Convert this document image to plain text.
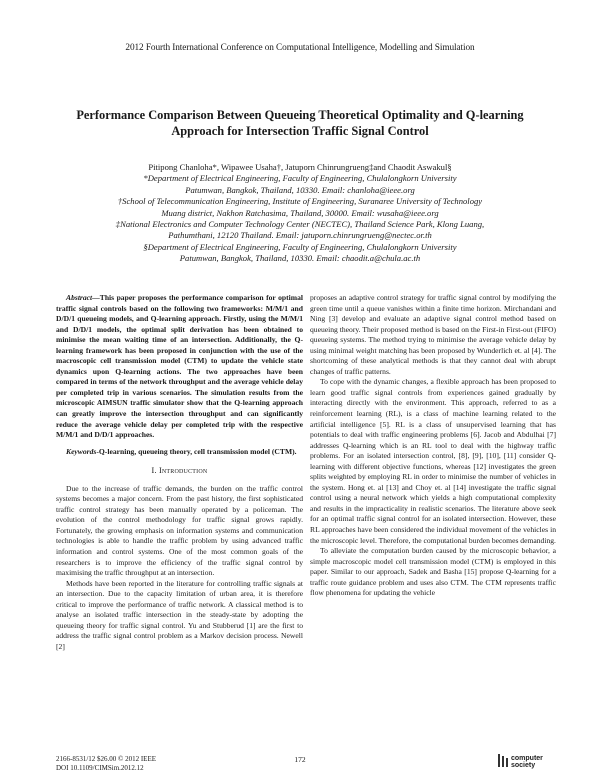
2012 Fourth International Conference on Computational Intelligence, Modelling and Simulation
Performance Comparison Between Queueing Theoretical Optimality and Q-learning
Approach for Intersection Traffic Signal Control
Pitipong Chanloha*, Wipawee Usaha†, Jatuporn Chinrungrueng‡and Chaodit Aswakul§
*Department of Electrical Engineering, Faculty of Engineering, Chulalongkorn University
Patumwan, Bangkok, Thailand, 10330. Email: chanloha@ieee.org
†School of Telecommunication Engineering, Institute of Engineering, Suranaree University of Technology
Muang district, Nakhon Ratchasima, Thailand, 30000. Email: wusaha@ieee.org
‡National Electronics and Computer Technology Center (NECTEC), Thailand Science Park, Klong Luang,
Pathumthani, 12120 Thailand. Email: jatuporn.chinrungrueng@nectec.or.th
§Department of Electrical Engineering, Faculty of Engineering, Chulalongkorn University
Patumwan, Bangkok, Thailand, 10330. Email: chaodit.a@chula.ac.th

Abstract—This paper proposes the performance comparison for optimal traffic signal controls based on the following two frameworks: M/M/1 and D/D/1 queueing models, and Q-learning approach. Firstly, using the M/M/1 and D/D/1 models, the optimal split derivation has been obtained to minimise the mean waiting time of an intersection. Additionally, the Q-learning framework has been proposed in conjunction with the use of the macroscopic cell transmission model (CTM) to update the vehicle state dynamics upon Q-learning actions. The two approaches have been compared in terms of the network throughput and the average vehicle delay per completed trip in various scenarios. The simulation results from the microscopic AIMSUN traffic simulator show that the Q-learning approach can greatly improve the intersection throughput and can significantly reduce the average vehicle delay per completed trip with the respective M/M/1 and D/D/1 approaches.

Keywords-Q-learning, queueing theory, cell transmission model (CTM).

I. Introduction

Due to the increase of traffic demands, the burden on the traffic control systems becomes a major concern. From the past history, the first sophisticated traffic control strategy has been manually operated by a policeman. The evolution of the control methodology for traffic signal grows rapidly. Fortunately, the growing emphasis on information systems and communication technologies is able to handle the traffic problem by using advanced traffic information and control systems. One of the most common goals of the researchers is to improve the efficiency of the traffic signal control by maximising the traffic throughput at an intersection.

Methods have been reported in the literature for controlling traffic signals at an intersection. Due to the capacity limitation of urban area, it is therefore critical to improve the performance of traffic network. A classical method is to analyse an isolated traffic intersection in the steady-state by adopting the queueing theory for traffic signal control. Yu and Stubberud [1] are the first to address the traffic signal control problem as a Markov decision process. Newell [2]

proposes an adaptive control strategy for traffic signal control by modifying the green time until a queue vanishes within a finite time horizon. Mirchandani and Ning [3] develop and evaluate an adaptive signal control method based on queueing theory. Their proposed method is based on the First-in First-out (FIFO) queueing systems. The method trying to minimise the average vehicle delay by using minimal weight matching has been proposed by Wunderlich et. al [4]. The shortcoming of these analytical methods is that they cannot deal with abrupt changes of traffic patterns.

To cope with the dynamic changes, a flexible approach has been proposed to learn good traffic signal controls from experiences gained gradually by interacting directly with the environment. This approach, referred to as a reinforcement learning (RL), is a class of machine learning related to the artificial intelligence [5]. RL is a class of unsupervised learning that has potentials to deal with traffic engineering problems [6]. Jacob and Abdulhai [7] addresses Q-learning which is an RL tool to deal with the highway traffic problems. For an isolated intersection control, [8], [9], [10], [11] consider Q-learning with different objective functions, whereas [12] investigates the green splits weighted by employing RL in order to minimise the number of vehicles in the system. Hong et. al [13] and Choy et. al [14] investigate the traffic signal control using a neural network which yields a high computational complexity and results in the impracticality in realistic scenarios. The literature above seek for an optimal traffic signal control for an isolated intersection. However, these RL approaches have been considered the individual movement of the vehicles in the microscopic level. Therefore, the computational burden becomes demanding.

To alleviate the computation burden caused by the microscopic behavior, a simple macroscopic model cell transmission model (CTM) is employed in this paper. Similar to our approach, Sadek and Basha [15] propose Q-learning for a traffic route guidance problem and uses also CTM. The CTM represents traffic flow phenomena for updating the vehicle

2166-8531/12 $26.00 © 2012 IEEE
DOI 10.1109/CIMSim.2012.12
172	computer
society
